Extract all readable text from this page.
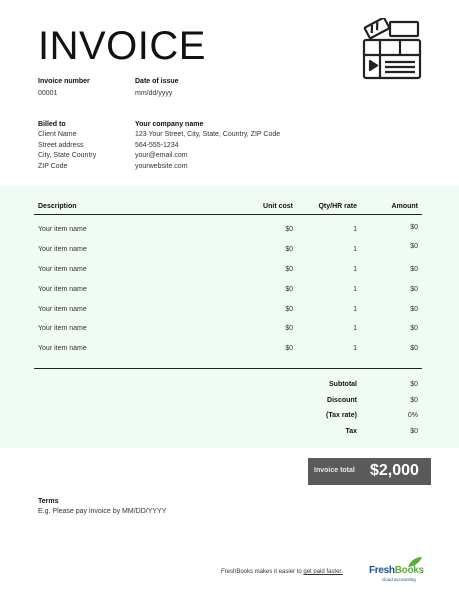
INVOICE
Invoice number
00001
Date of issue
mm/dd/yyyy
Billed to
Client Name
Street address
City, State Country
ZIP Code
Your company name
123 Your Street, City, State, Country, ZIP Code
564-555-1234
your@email.com
yourwebsite.com
Description	Unit cost	Qty/HR rate	Amount
Your item name	$0	1	$0
Your item name	$0	1	$0
Your item name	$0	1	$0
Your item name	$0	1	$0
Your item name	$0	1	$0
Your item name	$0	1	$0
Your item name	$0	1	$0
Subtotal	$0
Discount	$0
(Tax rate)	0%
Tax	$0
Invoice total $2,000
Terms
E.g. Please pay invoice by MM/DD/YYYY
FreshBooks makes it easier to get paid faster.	FreshBooks
cloud accounting
